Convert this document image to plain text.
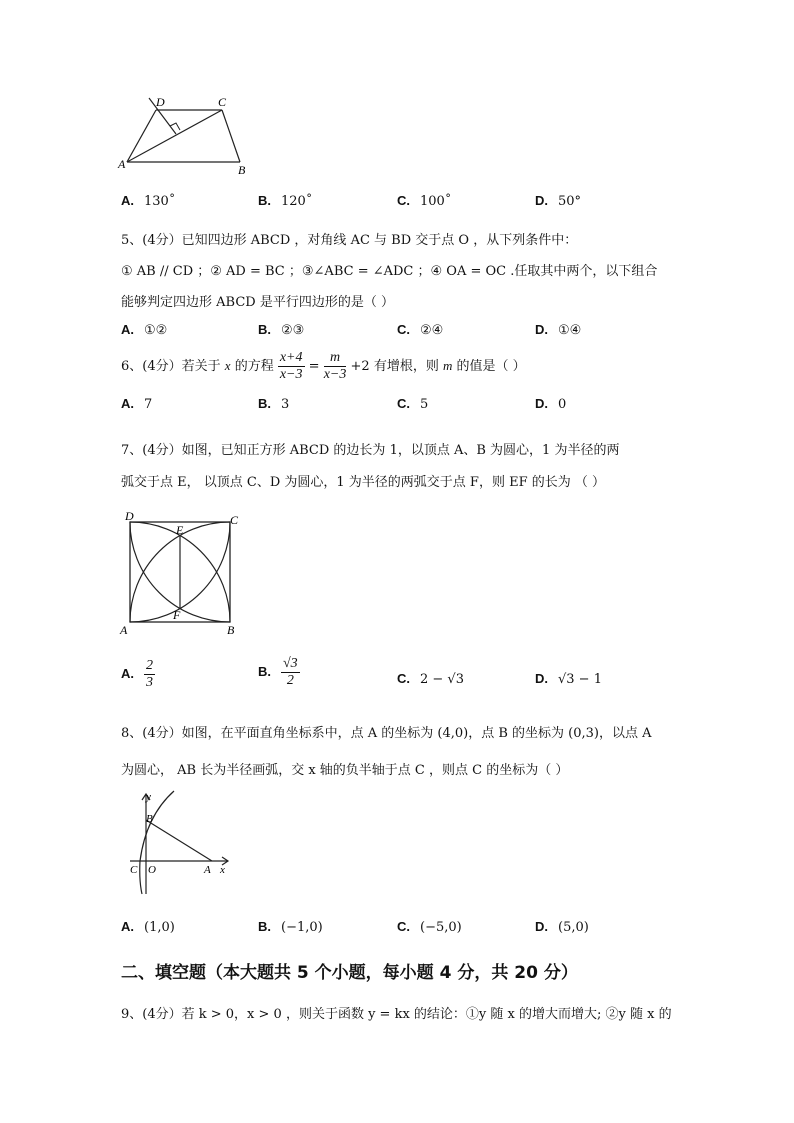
D	C
A	B
A. 130˚	B. 120˚	C. 100˚	D. 50°
5、(4分）已知四边形 ABCD ，对角线 AC 与 BD 交于点 O ，从下列条件中：
① AB // CD ；② AD = BC ；③∠ABC = ∠ADC ；④ OA = OC .任取其中两个，以下组合
能够判定四边形 ABCD 是平行四边形的是（ ）
A. ①②	B. ②③	C. ②④	D. ①④
6、(4分）若关于 x 的方程 $\frac{x+4}{x-3} = \frac{m}{x-3} +2$ 有增根，则 m 的值是（ ）
A. 7	B. 3	C. 5	D. 0
7、(4分）如图，已知正方形 ABCD 的边长为 1，以顶点 A、B 为圆心，1 为半径的两
弧交于点 E， 以顶点 C、D 为圆心，1 为半径的两弧交于点 F，则 EF 的长为 （ ）
D	C
E
F
A	B
A. $\frac{2}{3}$	B. $\frac{√3}{2}$	C. 2 − √3	D. √3 − 1
8、(4分）如图，在平面直角坐标系中，点 A 的坐标为 (4,0)，点 B 的坐标为 (0,3)，以点 A
为圆心， AB 长为半径画弧，交 x 轴的负半轴于点 C ，则点 C 的坐标为（ ）
y
B
C O	A x
A. (1,0)	B. (−1,0)	C. (−5,0)	D. (5,0)
二、填空题（本大题共 5 个小题，每小题 4 分，共 20 分）
9、(4分）若 k > 0，x > 0 ，则关于函数 y = kx 的结论：①y 随 x 的增大而增大; ②y 随 x 的
